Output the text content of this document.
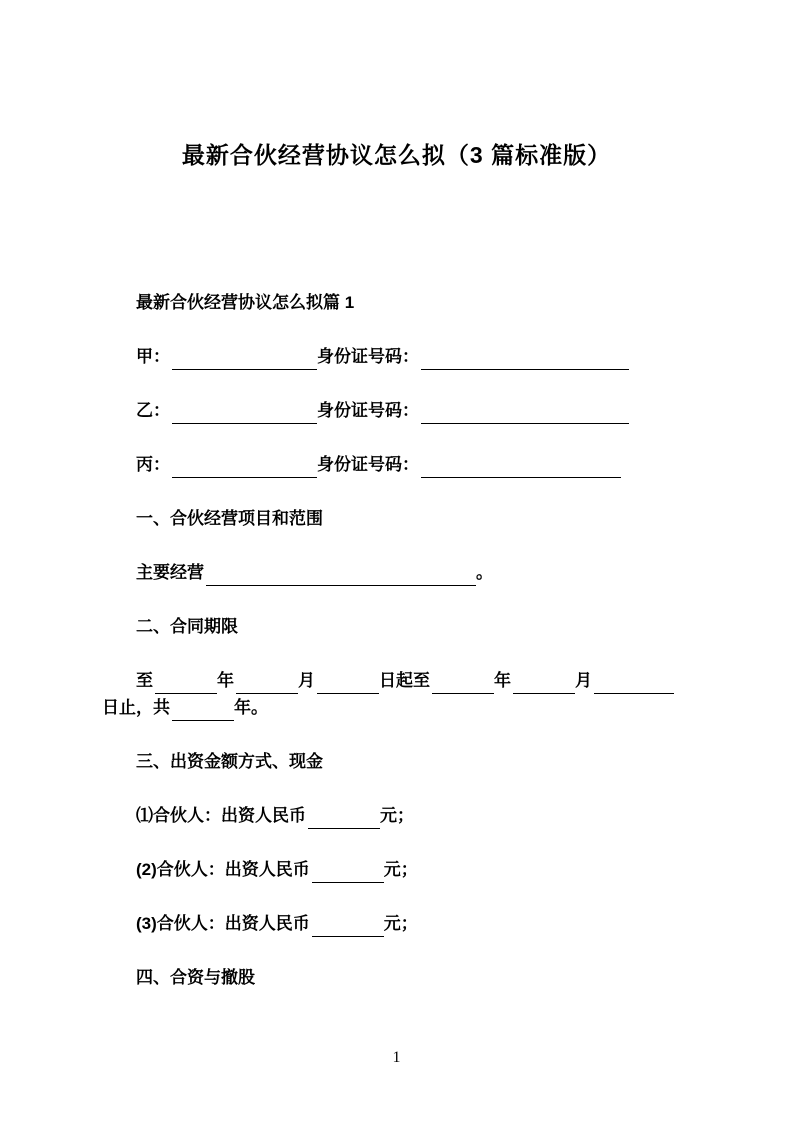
最新合伙经营协议怎么拟（3 篇标准版）

最新合伙经营协议怎么拟篇 1

甲：	身份证号码：

乙：	身份证号码：

丙：	身份证号码：

一、合伙经营项目和范围

主要经营	。

二、合同期限

至	年	月	日起至	年	月
日止，共	年。

三、出资金额方式、现金

⑴合伙人：出资人民币	元；

(2)合伙人：出资人民币	元；

(3)合伙人：出资人民币	元；

四、合资与撤股

1
